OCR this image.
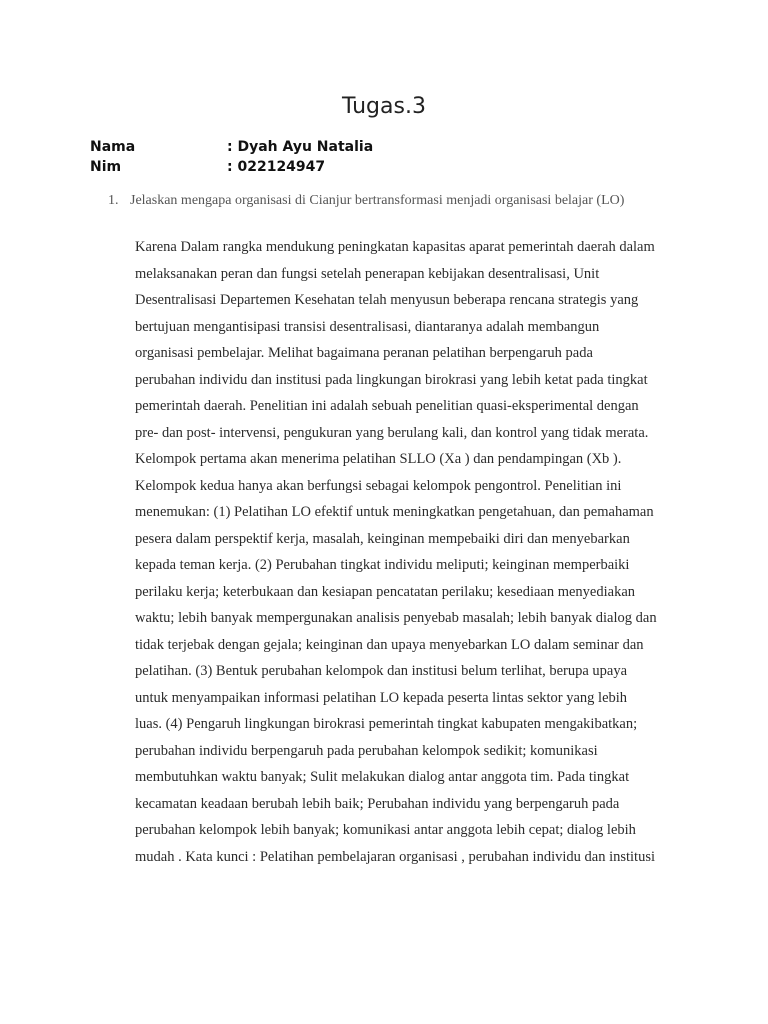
Tugas.3
Nama	: Dyah Ayu Natalia
Nim	: 022124947
1. Jelaskan mengapa organisasi di Cianjur bertransformasi menjadi organisasi belajar (LO)
Karena Dalam rangka mendukung peningkatan kapasitas aparat pemerintah daerah dalam
melaksanakan peran dan fungsi setelah penerapan kebijakan desentralisasi, Unit
Desentralisasi Departemen Kesehatan telah menyusun beberapa rencana strategis yang
bertujuan mengantisipasi transisi desentralisasi, diantaranya adalah membangun
organisasi pembelajar. Melihat bagaimana peranan pelatihan berpengaruh pada
perubahan individu dan institusi pada lingkungan birokrasi yang lebih ketat pada tingkat
pemerintah daerah. Penelitian ini adalah sebuah penelitian quasi-eksperimental dengan
pre- dan post- intervensi, pengukuran yang berulang kali, dan kontrol yang tidak merata.
Kelompok pertama akan menerima pelatihan SLLO (Xa ) dan pendampingan (Xb ).
Kelompok kedua hanya akan berfungsi sebagai kelompok pengontrol. Penelitian ini
menemukan: (1) Pelatihan LO efektif untuk meningkatkan pengetahuan, dan pemahaman
pesera dalam perspektif kerja, masalah, keinginan mempebaiki diri dan menyebarkan
kepada teman kerja. (2) Perubahan tingkat individu meliputi; keinginan memperbaiki
perilaku kerja; keterbukaan dan kesiapan pencatatan perilaku; kesediaan menyediakan
waktu; lebih banyak mempergunakan analisis penyebab masalah; lebih banyak dialog dan
tidak terjebak dengan gejala; keinginan dan upaya menyebarkan LO dalam seminar dan
pelatihan. (3) Bentuk perubahan kelompok dan institusi belum terlihat, berupa upaya
untuk menyampaikan informasi pelatihan LO kepada peserta lintas sektor yang lebih
luas. (4) Pengaruh lingkungan birokrasi pemerintah tingkat kabupaten mengakibatkan;
perubahan individu berpengaruh pada perubahan kelompok sedikit; komunikasi
membutuhkan waktu banyak; Sulit melakukan dialog antar anggota tim. Pada tingkat
kecamatan keadaan berubah lebih baik; Perubahan individu yang berpengaruh pada
perubahan kelompok lebih banyak; komunikasi antar anggota lebih cepat; dialog lebih
mudah . Kata kunci : Pelatihan pembelajaran organisasi , perubahan individu dan institusi
